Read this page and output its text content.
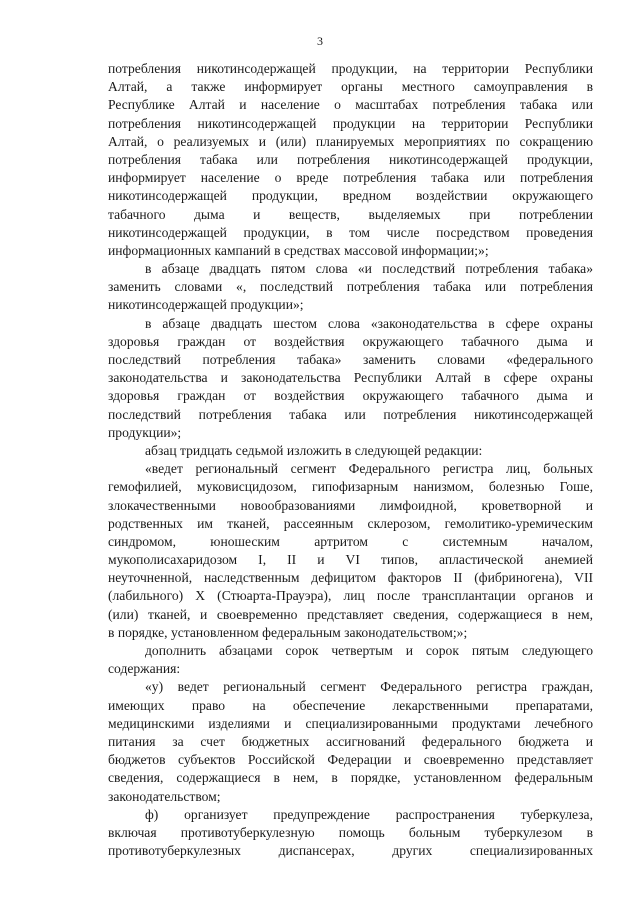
3
потребления никотинсодержащей продукции, на территории Республики
Алтай, а также информирует органы местного самоуправления в
Республике Алтай и население о масштабах потребления табака или
потребления никотинсодержащей продукции на территории Республики
Алтай, о реализуемых и (или) планируемых мероприятиях по сокращению
потребления табака или потребления никотинсодержащей продукции,
информирует население о вреде потребления табака или потребления
никотинсодержащей продукции, вредном воздействии окружающего
табачного дыма и веществ, выделяемых при потреблении
никотинсодержащей продукции, в том числе посредством проведения
информационных кампаний в средствах массовой информации;»;
в абзаце двадцать пятом слова «и последствий потребления табака»
заменить словами «, последствий потребления табака или потребления
никотинсодержащей продукции»;
в абзаце двадцать шестом слова «законодательства в сфере охраны
здоровья граждан от воздействия окружающего табачного дыма и
последствий потребления табака» заменить словами «федерального
законодательства и законодательства Республики Алтай в сфере охраны
здоровья граждан от воздействия окружающего табачного дыма и
последствий потребления табака или потребления никотинсодержащей
продукции»;
абзац тридцать седьмой изложить в следующей редакции:
«ведет региональный сегмент Федерального регистра лиц, больных
гемофилией, муковисцидозом, гипофизарным нанизмом, болезнью Гоше,
злокачественными новообразованиями лимфоидной, кроветворной и
родственных им тканей, рассеянным склерозом, гемолитико-уремическим
синдромом, юношеским артритом с системным началом,
мукополисахаридозом I, II и VI типов, апластической анемией
неуточненной, наследственным дефицитом факторов II (фибриногена), VII
(лабильного) X (Стюарта-Прауэра), лиц после трансплантации органов и
(или) тканей, и своевременно представляет сведения, содержащиеся в нем,
в порядке, установленном федеральным законодательством;»;
дополнить абзацами сорок четвертым и сорок пятым следующего
содержания:
«у) ведет региональный сегмент Федерального регистра граждан,
имеющих право на обеспечение лекарственными препаратами,
медицинскими изделиями и специализированными продуктами лечебного
питания за счет бюджетных ассигнований федерального бюджета и
бюджетов субъектов Российской Федерации и своевременно представляет
сведения, содержащиеся в нем, в порядке, установленном федеральным
законодательством;
ф) организует предупреждение распространения туберкулеза,
включая противотуберкулезную помощь больным туберкулезом в
противотуберкулезных диспансерах, других специализированных
